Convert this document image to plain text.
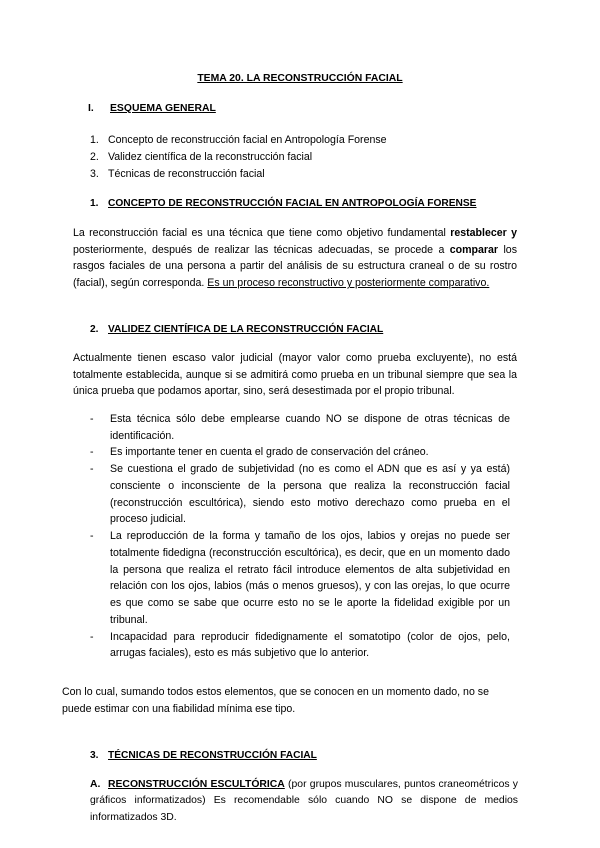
TEMA 20. LA RECONSTRUCCIÓN FACIAL
I. ESQUEMA GENERAL
1. Concepto de reconstrucción facial en Antropología Forense
2. Validez científica de la reconstrucción facial
3. Técnicas de reconstrucción facial
1. CONCEPTO DE RECONSTRUCCIÓN FACIAL EN ANTROPOLOGÍA FORENSE
La reconstrucción facial es una técnica que tiene como objetivo fundamental restablecer y posteriormente, después de realizar las técnicas adecuadas, se procede a comparar los rasgos faciales de una persona a partir del análisis de su estructura craneal o de su rostro (facial), según corresponda. Es un proceso reconstructivo y posteriormente comparativo.
2. VALIDEZ CIENTÍFICA DE LA RECONSTRUCCIÓN FACIAL
Actualmente tienen escaso valor judicial (mayor valor como prueba excluyente), no está totalmente establecida, aunque si se admitirá como prueba en un tribunal siempre que sea la única prueba que podamos aportar, sino, será desestimada por el propio tribunal.
- Esta técnica sólo debe emplearse cuando NO se dispone de otras técnicas de identificación.
- Es importante tener en cuenta el grado de conservación del cráneo.
- Se cuestiona el grado de subjetividad (no es como el ADN que es así y ya está) consciente o inconsciente de la persona que realiza la reconstrucción facial (reconstrucción escultórica), siendo esto motivo derechazo como prueba en el proceso judicial.
- La reproducción de la forma y tamaño de los ojos, labios y orejas no puede ser totalmente fidedigna (reconstrucción escultórica), es decir, que en un momento dado la persona que realiza el retrato fácil introduce elementos de alta subjetividad en relación con los ojos, labios (más o menos gruesos), y con las orejas, lo que ocurre es que como se sabe que ocurre esto no se le aporte la fidelidad exigible por un tribunal.
- Incapacidad para reproducir fidedignamente el somatotipo (color de ojos, pelo, arrugas faciales), esto es más subjetivo que lo anterior.
Con lo cual, sumando todos estos elementos, que se conocen en un momento dado, no se puede estimar con una fiabilidad mínima ese tipo.
3. TÉCNICAS DE RECONSTRUCCIÓN FACIAL
A. RECONSTRUCCIÓN ESCULTÓRICA (por grupos musculares, puntos craneométricos y gráficos informatizados) Es recomendable sólo cuando NO se dispone de medios informatizados 3D.
